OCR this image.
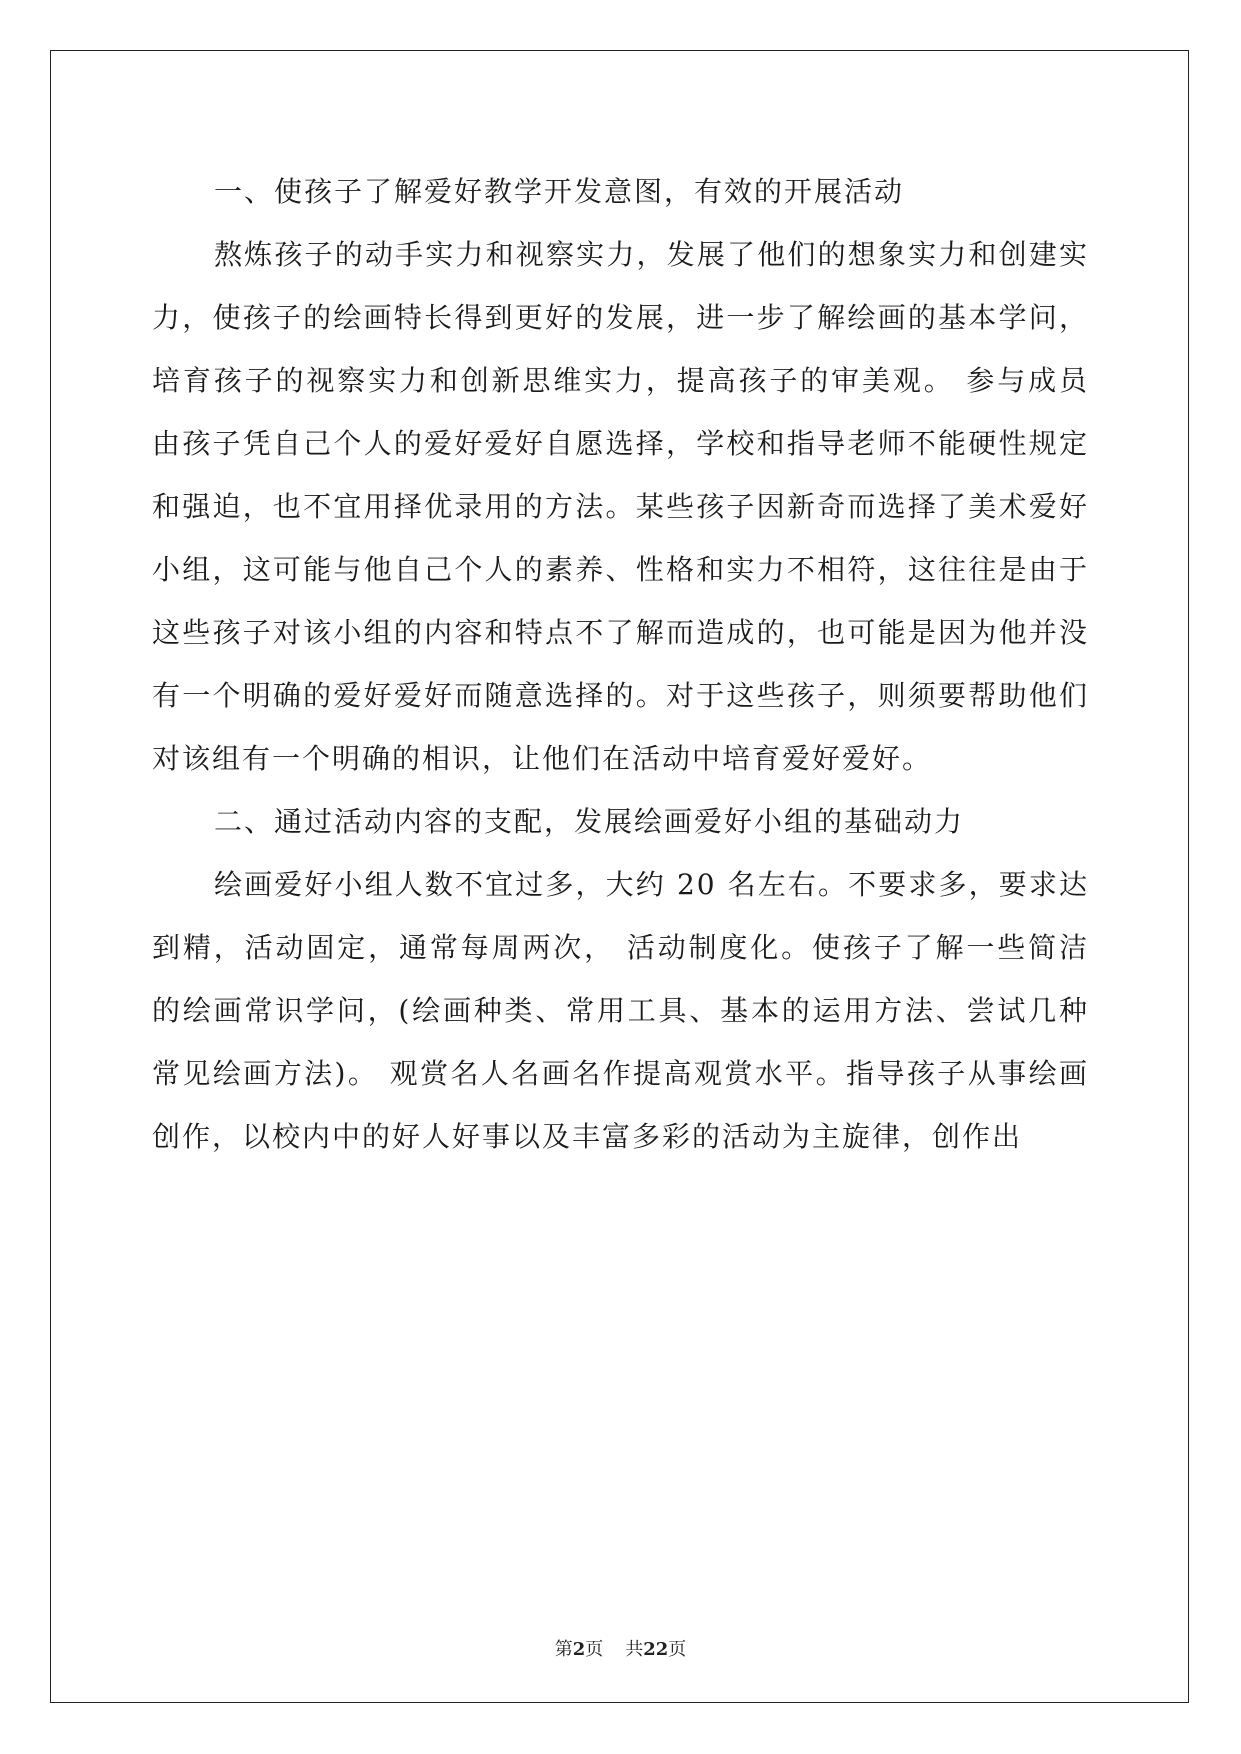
一、使孩子了解爱好教学开发意图，有效的开展活动

熬炼孩子的动手实力和视察实力，发展了他们的想象实力和创建实力，使孩子的绘画特长得到更好的发展，进一步了解绘画的基本学问，培育孩子的视察实力和创新思维实力，提高孩子的审美观。 参与成员由孩子凭自己个人的爱好爱好自愿选择，学校和指导老师不能硬性规定和强迫，也不宜用择优录用的方法。某些孩子因新奇而选择了美术爱好小组，这可能与他自己个人的素养、性格和实力不相符，这往往是由于这些孩子对该小组的内容和特点不了解而造成的，也可能是因为他并没有一个明确的爱好爱好而随意选择的。对于这些孩子，则须要帮助他们对该组有一个明确的相识，让他们在活动中培育爱好爱好。

二、通过活动内容的支配，发展绘画爱好小组的基础动力

绘画爱好小组人数不宜过多，大约 20 名左右。不要求多，要求达到精，活动固定，通常每周两次， 活动制度化。使孩子了解一些简洁的绘画常识学问，(绘画种类、常用工具、基本的运用方法、尝试几种常见绘画方法)。 观赏名人名画名作提高观赏水平。指导孩子从事绘画创作，以校内中的好人好事以及丰富多彩的活动为主旋律，创作出

第2页 共22页
